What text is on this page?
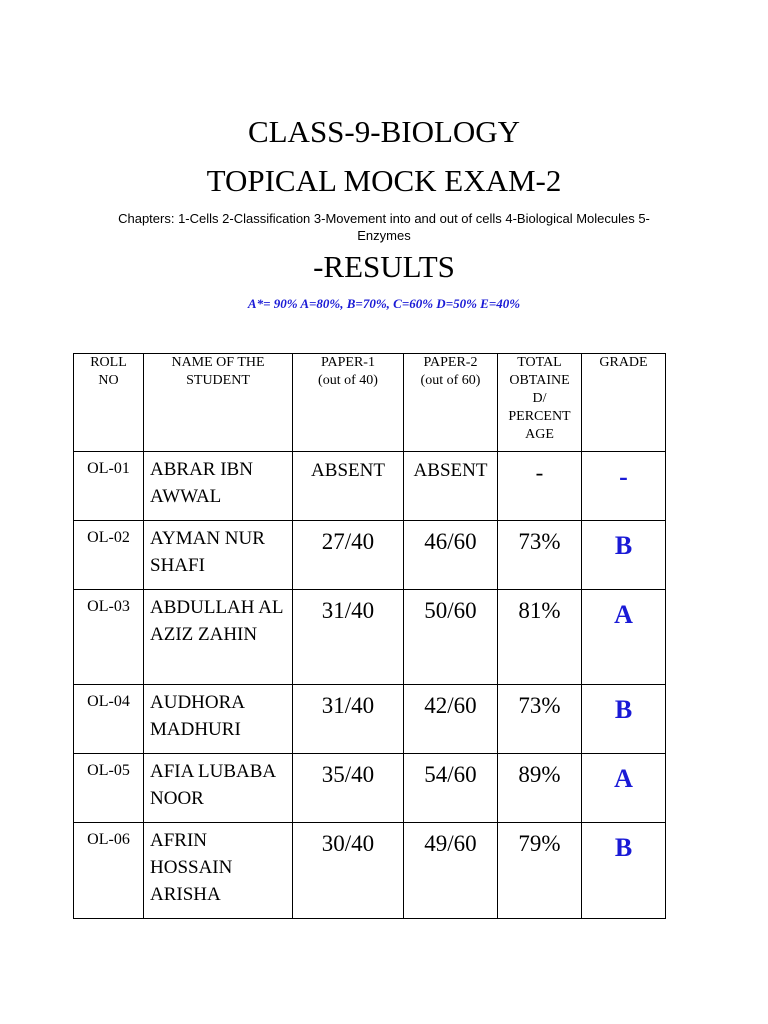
CLASS-9-BIOLOGY
TOPICAL MOCK EXAM-2
Chapters: 1-Cells 2-Classification 3-Movement into and out of cells 4-Biological Molecules 5-Enzymes
-RESULTS
A*= 90% A=80%, B=70%, C=60% D=50% E=40%
ROLL NO	NAME OF THE STUDENT	PAPER-1 (out of 40)	PAPER-2 (out of 60)	TOTAL OBTAINE D/ PERCENT AGE	GRADE
OL-01	ABRAR IBN AWWAL	ABSENT	ABSENT	-	-
OL-02	AYMAN NUR SHAFI	27/40	46/60	73%	B
OL-03	ABDULLAH AL AZIZ ZAHIN	31/40	50/60	81%	A
OL-04	AUDHORA MADHURI	31/40	42/60	73%	B
OL-05	AFIA LUBABA NOOR	35/40	54/60	89%	A
OL-06	AFRIN HOSSAIN ARISHA	30/40	49/60	79%	B
